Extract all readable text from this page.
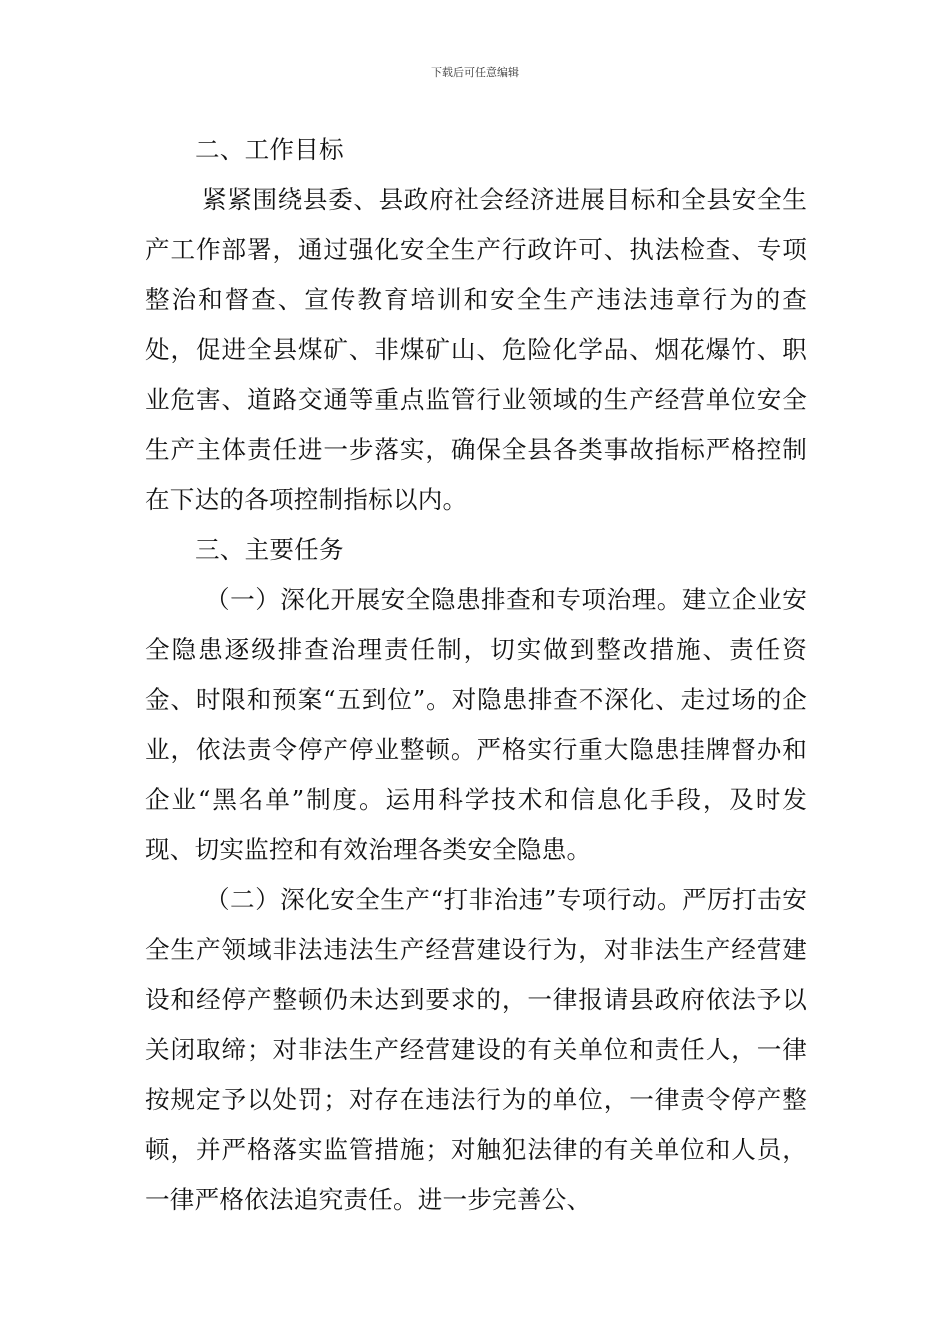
下载后可任意编辑

二、工作目标

紧紧围绕县委、县政府社会经济进展目标和全县安全生产工作部署，通过强化安全生产行政许可、执法检查、专项整治和督查、宣传教育培训和安全生产违法违章行为的查处，促进全县煤矿、非煤矿山、危险化学品、烟花爆竹、职业危害、道路交通等重点监管行业领域的生产经营单位安全生产主体责任进一步落实，确保全县各类事故指标严格控制在下达的各项控制指标以内。

三、主要任务

（一）深化开展安全隐患排查和专项治理。建立企业安全隐患逐级排查治理责任制，切实做到整改措施、责任资金、时限和预案“五到位”。对隐患排查不深化、走过场的企业，依法责令停产停业整顿。严格实行重大隐患挂牌督办和企业“黑名单”制度。运用科学技术和信息化手段，及时发现、切实监控和有效治理各类安全隐患。

（二）深化安全生产“打非治违”专项行动。严厉打击安全生产领域非法违法生产经营建设行为，对非法生产经营建设和经停产整顿仍未达到要求的，一律报请县政府依法予以关闭取缔；对非法生产经营建设的有关单位和责任人，一律按规定予以处罚；对存在违法行为的单位，一律责令停产整顿，并严格落实监管措施；对触犯法律的有关单位和人员，一律严格依法追究责任。进一步完善公、
